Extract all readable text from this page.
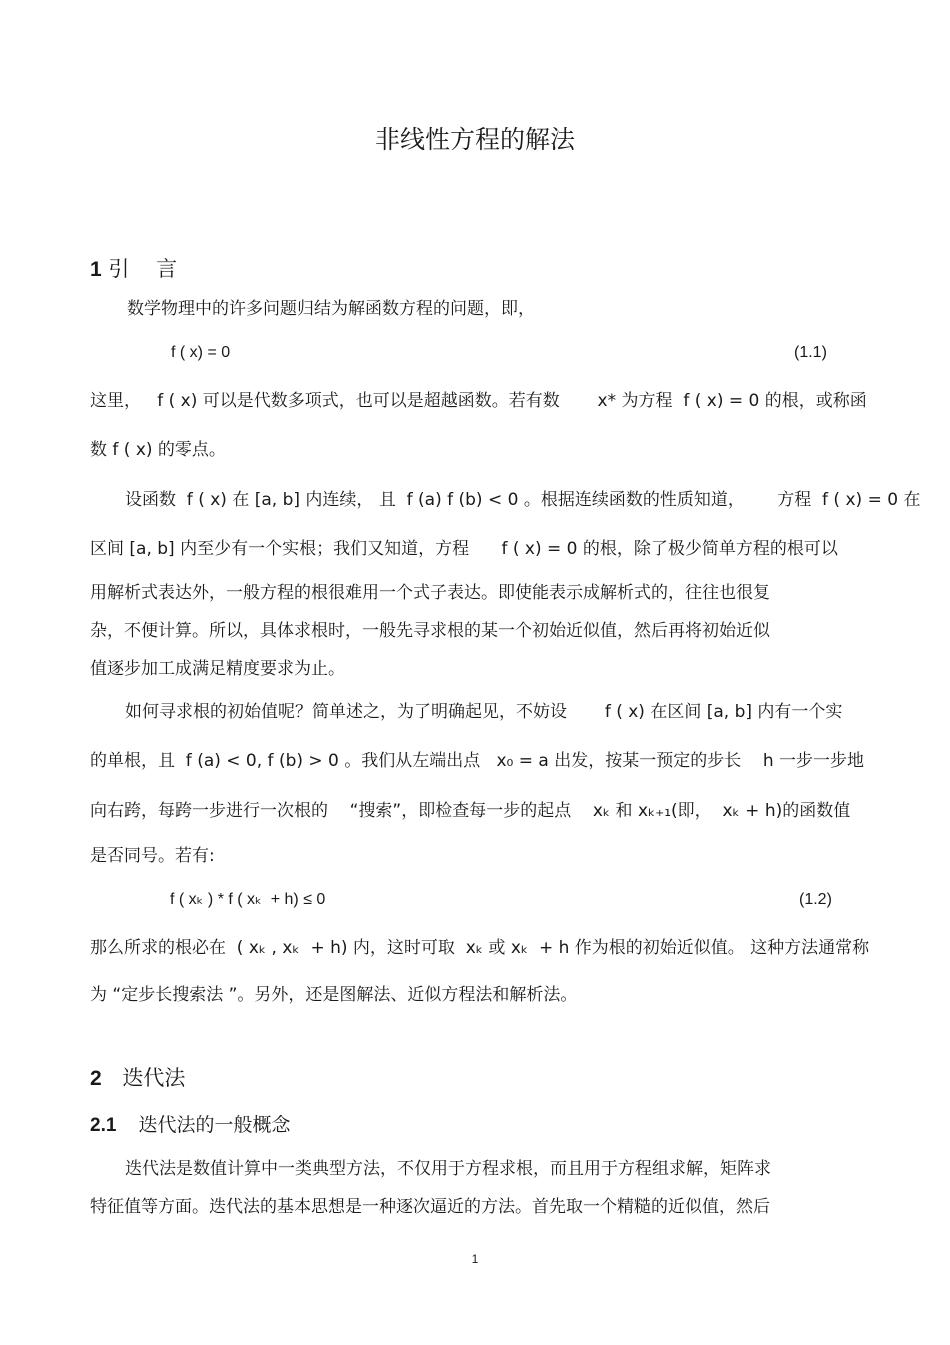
非线性方程的解法
1 引    言
数学物理中的许多问题归结为解函数方程的问题，即，
f ( x) = 0	(1.1)
这里，   f ( x) 可以是代数多项式，也可以是超越函数。若有数       x* 为方程  f ( x) = 0 的根，或称函
数 f ( x) 的零点。
设函数  f ( x) 在 [a, b] 内连续， 且  f (a) f (b) < 0 。根据连续函数的性质知道，      方程  f ( x) = 0 在
区间 [a, b] 内至少有一个实根；我们又知道，方程      f ( x) = 0 的根，除了极少简单方程的根可以
用解析式表达外，一般方程的根很难用一个式子表达。即使能表示成解析式的，往往也很复
杂，不便计算。所以，具体求根时，一般先寻求根的某一个初始近似值，然后再将初始近似
值逐步加工成满足精度要求为止。
如何寻求根的初始值呢？简单述之，为了明确起见，不妨设       f ( x) 在区间 [a, b] 内有一个实
的单根，且  f (a) < 0, f (b) > 0 。我们从左端出点   x₀ = a 出发，按某一预定的步长    h 一步一步地
向右跨，每跨一步进行一次根的    “搜索”，即检查每一步的起点    xₖ 和 xₖ₊₁(即，  xₖ + h)的函数值
是否同号。若有:
f ( xₖ ) * f ( xₖ  + h) ≤ 0	(1.2)
那么所求的根必在  ( xₖ , xₖ  + h) 内，这时可取  xₖ 或 xₖ  + h 作为根的初始近似值。 这种方法通常称
为 “定步长搜索法 ”。另外，还是图解法、近似方程法和解析法。
2 迭代法
2.1 迭代法的一般概念
迭代法是数值计算中一类典型方法，不仅用于方程求根，而且用于方程组求解，矩阵求
特征值等方面。迭代法的基本思想是一种逐次逼近的方法。首先取一个精糙的近似值，然后
1
